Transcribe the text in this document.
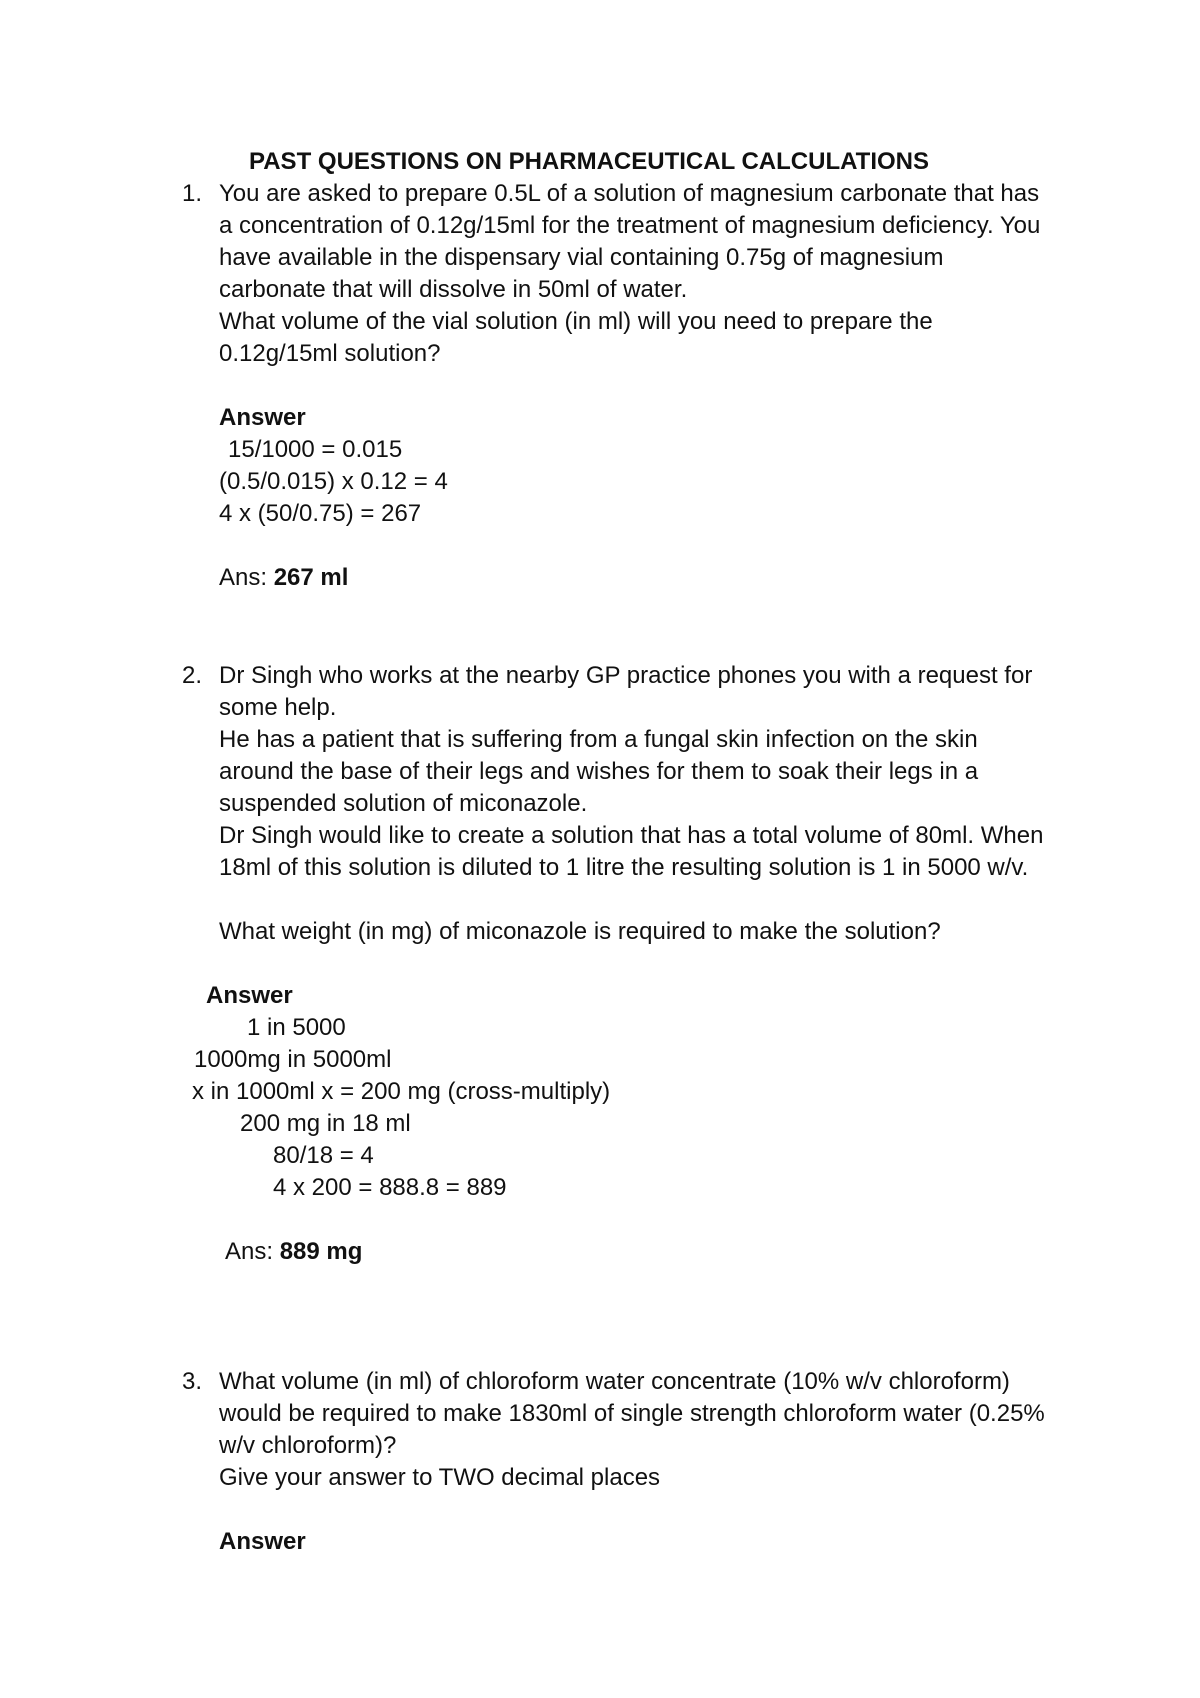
PAST QUESTIONS ON PHARMACEUTICAL CALCULATIONS
1. You are asked to prepare 0.5L of a solution of magnesium carbonate that has
a concentration of 0.12g/15ml for the treatment of magnesium deficiency. You
have available in the dispensary vial containing 0.75g of magnesium
carbonate that will dissolve in 50ml of water.
What volume of the vial solution (in ml) will you need to prepare the
0.12g/15ml solution?
Answer
15/1000 = 0.015
(0.5/0.015) x 0.12 = 4
4 x (50/0.75) = 267
Ans: 267 ml
2. Dr Singh who works at the nearby GP practice phones you with a request for
some help.
He has a patient that is suffering from a fungal skin infection on the skin
around the base of their legs and wishes for them to soak their legs in a
suspended solution of miconazole.
Dr Singh would like to create a solution that has a total volume of 80ml. When
18ml of this solution is diluted to 1 litre the resulting solution is 1 in 5000 w/v.
What weight (in mg) of miconazole is required to make the solution?
Answer
1 in 5000
1000mg in 5000ml
x in 1000ml x = 200 mg (cross-multiply)
200 mg in 18 ml
80/18 = 4
4 x 200 = 888.8 = 889
Ans: 889 mg
3. What volume (in ml) of chloroform water concentrate (10% w/v chloroform)
would be required to make 1830ml of single strength chloroform water (0.25%
w/v chloroform)?
Give your answer to TWO decimal places
Answer
